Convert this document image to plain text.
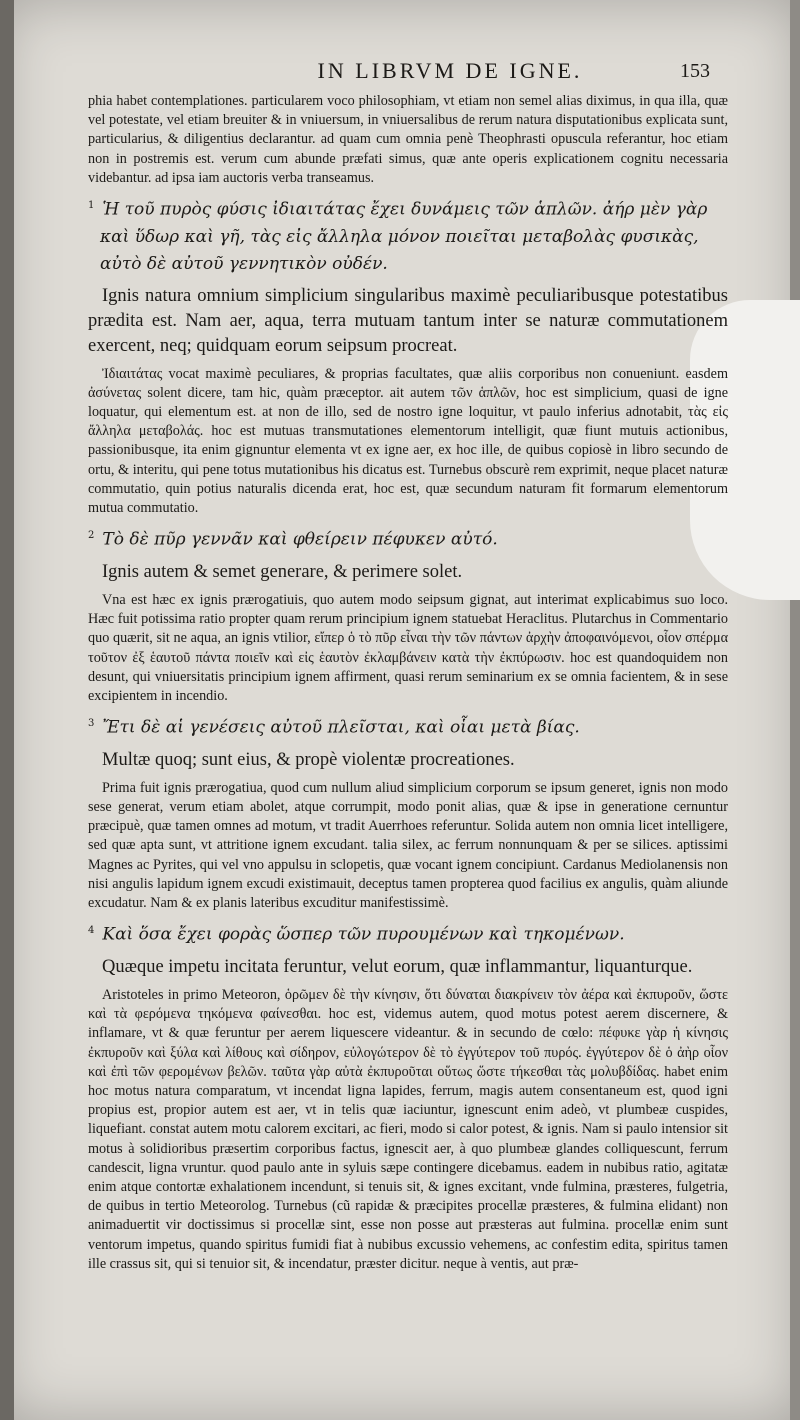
IN LIBRVM DE IGNE.	153

phia habet contemplationes. particularem voco philosophiam, vt etiam non semel alias diximus, in qua illa, quæ vel potestate, vel etiam breuiter & in vniuersum, in vniuersalibus de rerum natura disputationibus explicata sunt, particularius, & diligentius declarantur. ad quam cum omnia penè Theophrasti opuscula referantur, hoc etiam non in postremis est. verum cum abunde præfati simus, quæ ante operis explicationem cognitu necessaria videbantur. ad ipsa iam auctoris verba transeamus.

$^1$ Ἡ τοῦ πυρὸς φύσις ἰδιαιτάτας ἔχει δυνάμεις τῶν ἁπλῶν. ἀήρ μὲν γὰρ καὶ ὕδωρ καὶ γῆ, τὰς εἰς ἄλληλα μόνον ποιεῖται μεταβολὰς φυσικὰς, αὐτὸ δὲ αὐτοῦ γεννητικὸν οὐδέν.

Ignis natura omnium simplicium singularibus maximè peculiaribusque potestatibus prædita est. Nam aer, aqua, terra mutuam tantum inter se naturæ commutationem exercent, neq; quidquam eorum seipsum procreat.

Ἰδιαιτάτας vocat maximè peculiares, & proprias facultates, quæ aliis corporibus non conueniunt. easdem ἀσύνετας solent dicere, tam hic, quàm præceptor. ait autem τῶν ἁπλῶν, hoc est simplicium, quasi de igne loquatur, qui elementum est. at non de illo, sed de nostro igne loquitur, vt paulo inferius adnotabit, τὰς εἰς ἄλληλα μεταβολάς. hoc est mutuas transmutationes elementorum intelligit, quæ fiunt mutuis actionibus, passionibusque, ita enim gignuntur elementa vt ex igne aer, ex hoc ille, de quibus copiosè in libro secundo de ortu, & interitu, qui pene totus mutationibus his dicatus est. Turnebus obscurè rem exprimit, neque placet naturæ commutatio, quin potius naturalis dicenda erat, hoc est, quæ secundum naturam fit formarum elementorum mutua commutatio.

$^2$ Τὸ δὲ πῦρ γεννᾶν καὶ φθείρειν πέφυκεν αὐτό.

Ignis autem & semet generare, & perimere solet.

Vna est hæc ex ignis prærogatiuis, quo autem modo seipsum gignat, aut interimat explicabimus suo loco. Hæc fuit potissima ratio propter quam rerum principium ignem statuebat Heraclitus. Plutarchus in Commentario quo quærit, sit ne aqua, an ignis vtilior, εἴπερ ὁ τὸ πῦρ εἶναι τὴν τῶν πάντων ἀρχὴν ἀποφαινόμενοι, οἷον σπέρμα τοῦτον ἐξ ἑαυτοῦ πάντα ποιεῖν καὶ εἰς ἑαυτὸν ἐκλαμβάνειν κατὰ τὴν ἐκπύρωσιν. hoc est quandoquidem non desunt, qui vniuersitatis principium ignem affirment, quasi rerum seminarium ex se omnia facientem, & in sese excipientem in incendio.

$^3$ Ἔτι δὲ αἱ γενέσεις αὐτοῦ πλεῖσται, καὶ οἷαι μετὰ βίας.

Multæ quoq; sunt eius, & propè violentæ procreationes.

Prima fuit ignis prærogatiua, quod cum nullum aliud simplicium corporum se ipsum generet, ignis non modo sese generat, verum etiam abolet, atque corrumpit, modo ponit alias, quæ & ipse in generatione cernuntur præcipuè, quæ tamen omnes ad motum, vt tradit Auerrhoes referuntur. Solida autem non omnia licet intelligere, sed quæ apta sunt, vt attritione ignem excudant. talia silex, ac ferrum nonnunquam & per se silices. aptissimi Magnes ac Pyrites, qui vel vno appulsu in sclopetis, quæ vocant ignem concipiunt. Cardanus Mediolanensis non nisi angulis lapidum ignem excudi existimauit, deceptus tamen propterea quod facilius ex angulis, quàm aliunde excudatur. Nam & ex planis lateribus excuditur manifestissimè.

$^4$ Καὶ ὅσα ἔχει φορὰς ὥσπερ τῶν πυρουμένων καὶ τηκομένων.

Quæque impetu incitata feruntur, velut eorum, quæ inflammantur, liquanturque.

Aristoteles in primo Meteoron, ὁρῶμεν δὲ τὴν κίνησιν, ὅτι δύναται διακρίνειν τὸν ἀέρα καὶ ἐκπυροῦν, ὥστε καὶ τὰ φερόμενα τηκόμενα φαίνεσθαι. hoc est, videmus autem, quod motus potest aerem discernere, & inflamare, vt & quæ feruntur per aerem liquescere videantur. & in secundo de cœlo: πέφυκε γὰρ ἡ κίνησις ἐκπυροῦν καὶ ξύλα καὶ λίθους καὶ σίδηρον, εὐλογώτερον δὲ τὸ ἐγγύτερον τοῦ πυρός. ἐγγύτερον δὲ ὁ ἀὴρ οἷον καὶ ἐπὶ τῶν φερομένων βελῶν. ταῦτα γὰρ αὐτὰ ἐκπυροῦται οὕτως ὥστε τήκεσθαι τὰς μολυβδίδας. habet enim hoc motus natura comparatum, vt incendat ligna lapides, ferrum, magis autem consentaneum est, quod igni propius est, propior autem est aer, vt in telis quæ iaciuntur, ignescunt enim adeò, vt plumbeæ cuspides, liquefiant. constat autem motu calorem excitari, ac fieri, modo si calor potest, & ignis. Nam si paulo intensior sit motus à solidioribus præsertim corporibus factus, ignescit aer, à quo plumbeæ glandes colliquescunt, ferrum candescit, ligna vruntur. quod paulo ante in syluis sæpe contingere dicebamus. eadem in nubibus ratio, agitatæ enim atque contortæ exhalationem incendunt, si tenuis sit, & ignes excitant, vnde fulmina, præsteres, fulgetria, de quibus in tertio Meteorolog. Turnebus (cũ rapidæ & præcipites procellæ præsteres, & fulmina elidant) non animaduertit vir doctissimus si procellæ sint, esse non posse aut præsteras aut fulmina. procellæ enim sunt ventorum impetus, quando spiritus fumidi fiat à nubibus excussio vehemens, ac confestim edita, spiritus tamen ille crassus sit, qui si tenuior sit, & incendatur, præster dicitur. neque à ventis, aut præ-
